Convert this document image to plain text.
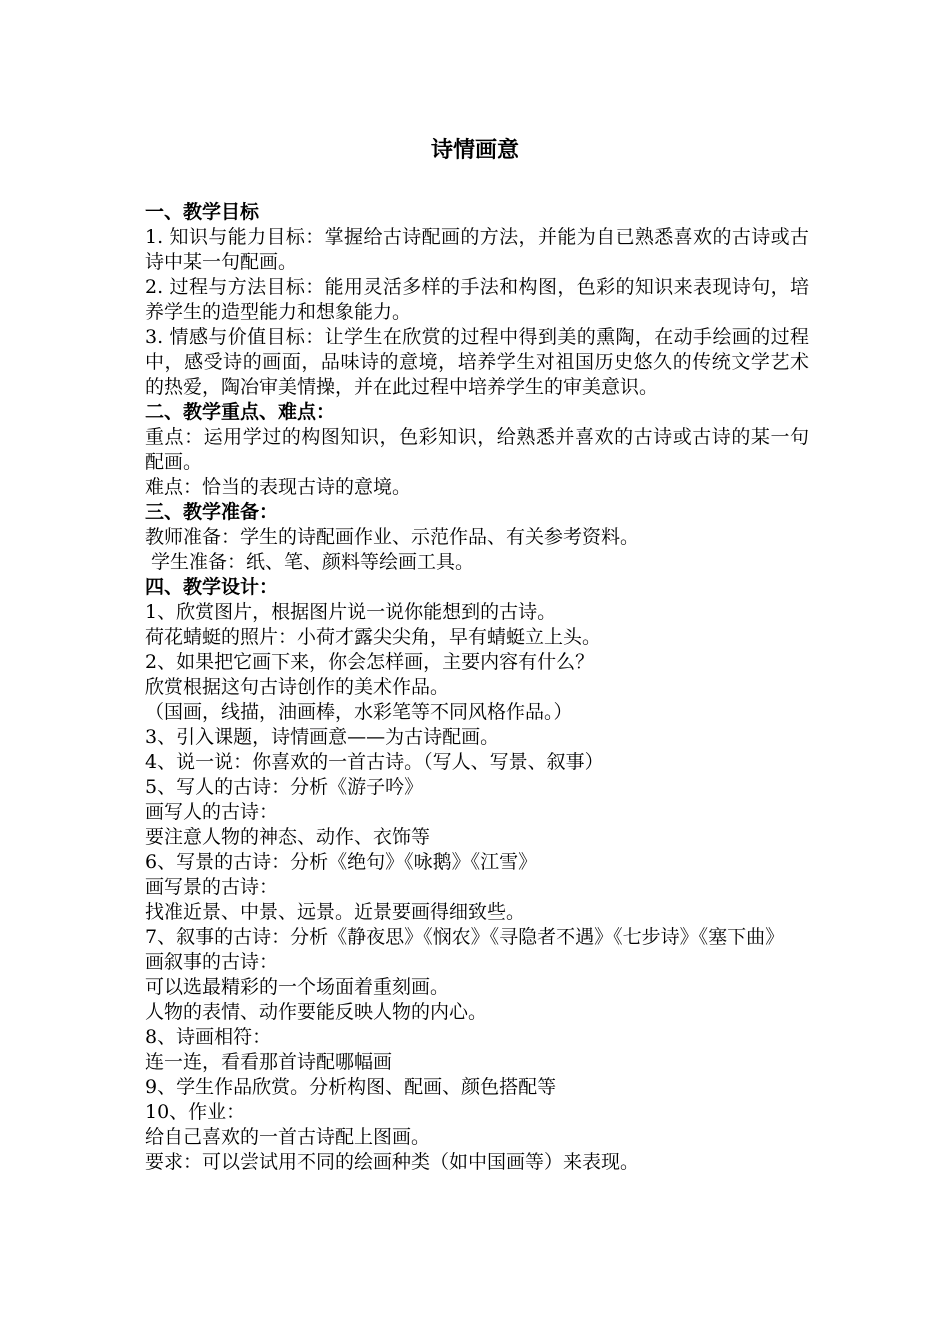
诗情画意

一、教学目标

1. 知识与能力目标：掌握给古诗配画的方法，并能为自已熟悉喜欢的古诗或古诗中某一句配画。

2. 过程与方法目标：能用灵活多样的手法和构图，色彩的知识来表现诗句，培养学生的造型能力和想象能力。

3. 情感与价值目标：让学生在欣赏的过程中得到美的熏陶，在动手绘画的过程中，感受诗的画面，品味诗的意境，培养学生对祖国历史悠久的传统文学艺术的热爱，陶冶审美情操，并在此过程中培养学生的审美意识。

二、教学重点、难点：

重点：运用学过的构图知识，色彩知识，给熟悉并喜欢的古诗或古诗的某一句配画。

难点：恰当的表现古诗的意境。

三、教学准备：

教师准备：学生的诗配画作业、示范作品、有关参考资料。

学生准备：纸、笔、颜料等绘画工具。

四、教学设计：

1、欣赏图片，根据图片说一说你能想到的古诗。

荷花蜻蜓的照片：小荷才露尖尖角，早有蜻蜓立上头。

2、如果把它画下来，你会怎样画，主要内容有什么？

欣赏根据这句古诗创作的美术作品。

（国画，线描，油画棒，水彩笔等不同风格作品。）

3、引入课题，诗情画意——为古诗配画。

4、说一说：你喜欢的一首古诗。（写人、写景、叙事）

5、写人的古诗：分析《游子吟》

画写人的古诗：

要注意人物的神态、动作、衣饰等

6、写景的古诗：分析《绝句》《咏鹅》《江雪》

画写景的古诗：

找准近景、中景、远景。近景要画得细致些。

7、叙事的古诗：分析《静夜思》《悯农》《寻隐者不遇》《七步诗》《塞下曲》

画叙事的古诗：

可以选最精彩的一个场面着重刻画。

人物的表情、动作要能反映人物的内心。

8、诗画相符：

连一连，看看那首诗配哪幅画

9、学生作品欣赏。分析构图、配画、颜色搭配等

10、作业：

给自己喜欢的一首古诗配上图画。

要求：可以尝试用不同的绘画种类（如中国画等）来表现。
